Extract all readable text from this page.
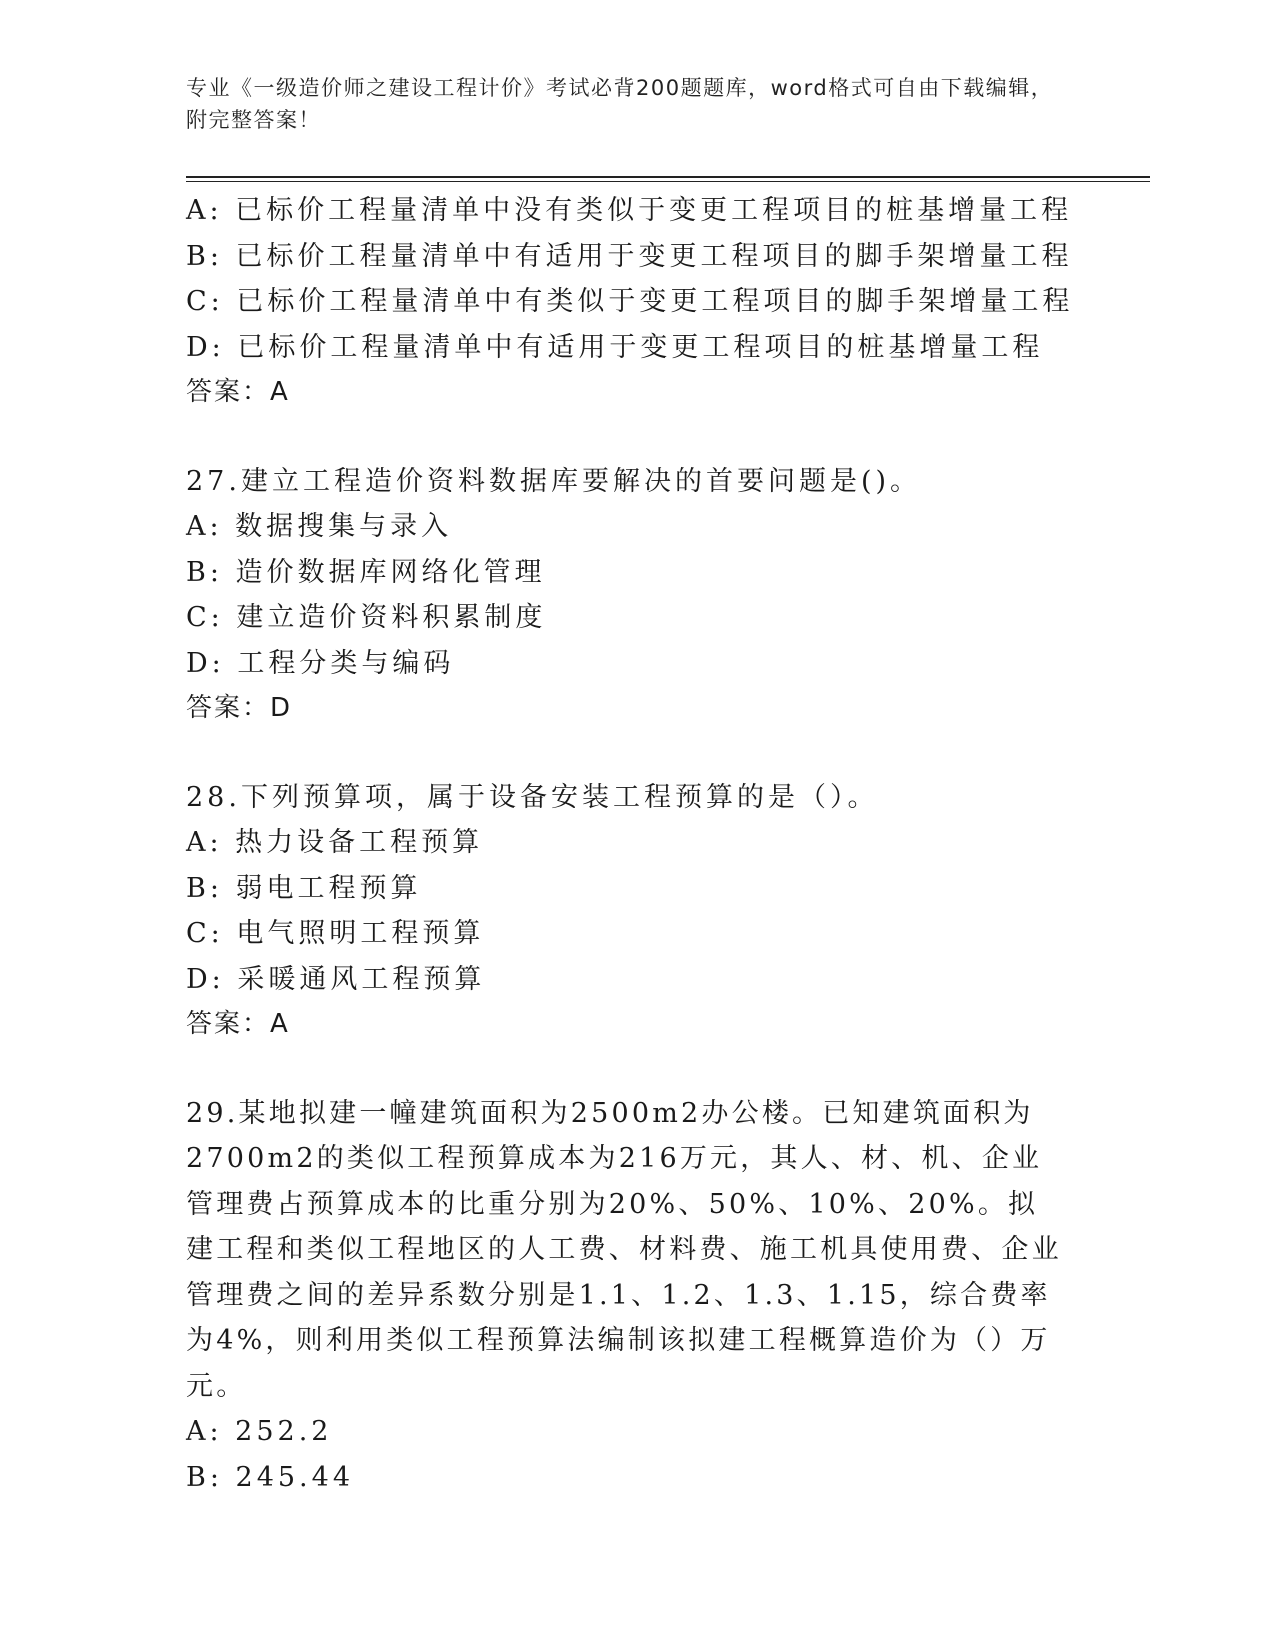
专业《一级造价师之建设工程计价》考试必背200题题库，word格式可自由下载编辑，附完整答案！
A: 已标价工程量清单中没有类似于变更工程项目的桩基增量工程
B: 已标价工程量清单中有适用于变更工程项目的脚手架增量工程
C: 已标价工程量清单中有类似于变更工程项目的脚手架增量工程
D: 已标价工程量清单中有适用于变更工程项目的桩基增量工程
答案：A
27.建立工程造价资料数据库要解决的首要问题是()。
A: 数据搜集与录入
B: 造价数据库网络化管理
C: 建立造价资料积累制度
D: 工程分类与编码
答案：D
28.下列预算项，属于设备安装工程预算的是（）。
A: 热力设备工程预算
B: 弱电工程预算
C: 电气照明工程预算
D: 采暖通风工程预算
答案：A
29.某地拟建一幢建筑面积为2500m2办公楼。已知建筑面积为2700m2的类似工程预算成本为216万元，其人、材、机、企业管理费占预算成本的比重分别为20%、50%、10%、20%。拟建工程和类似工程地区的人工费、材料费、施工机具使用费、企业管理费之间的差异系数分别是1.1、1.2、1.3、1.15，综合费率为4%，则利用类似工程预算法编制该拟建工程概算造价为（）万元。
A: 252.2
B: 245.44
